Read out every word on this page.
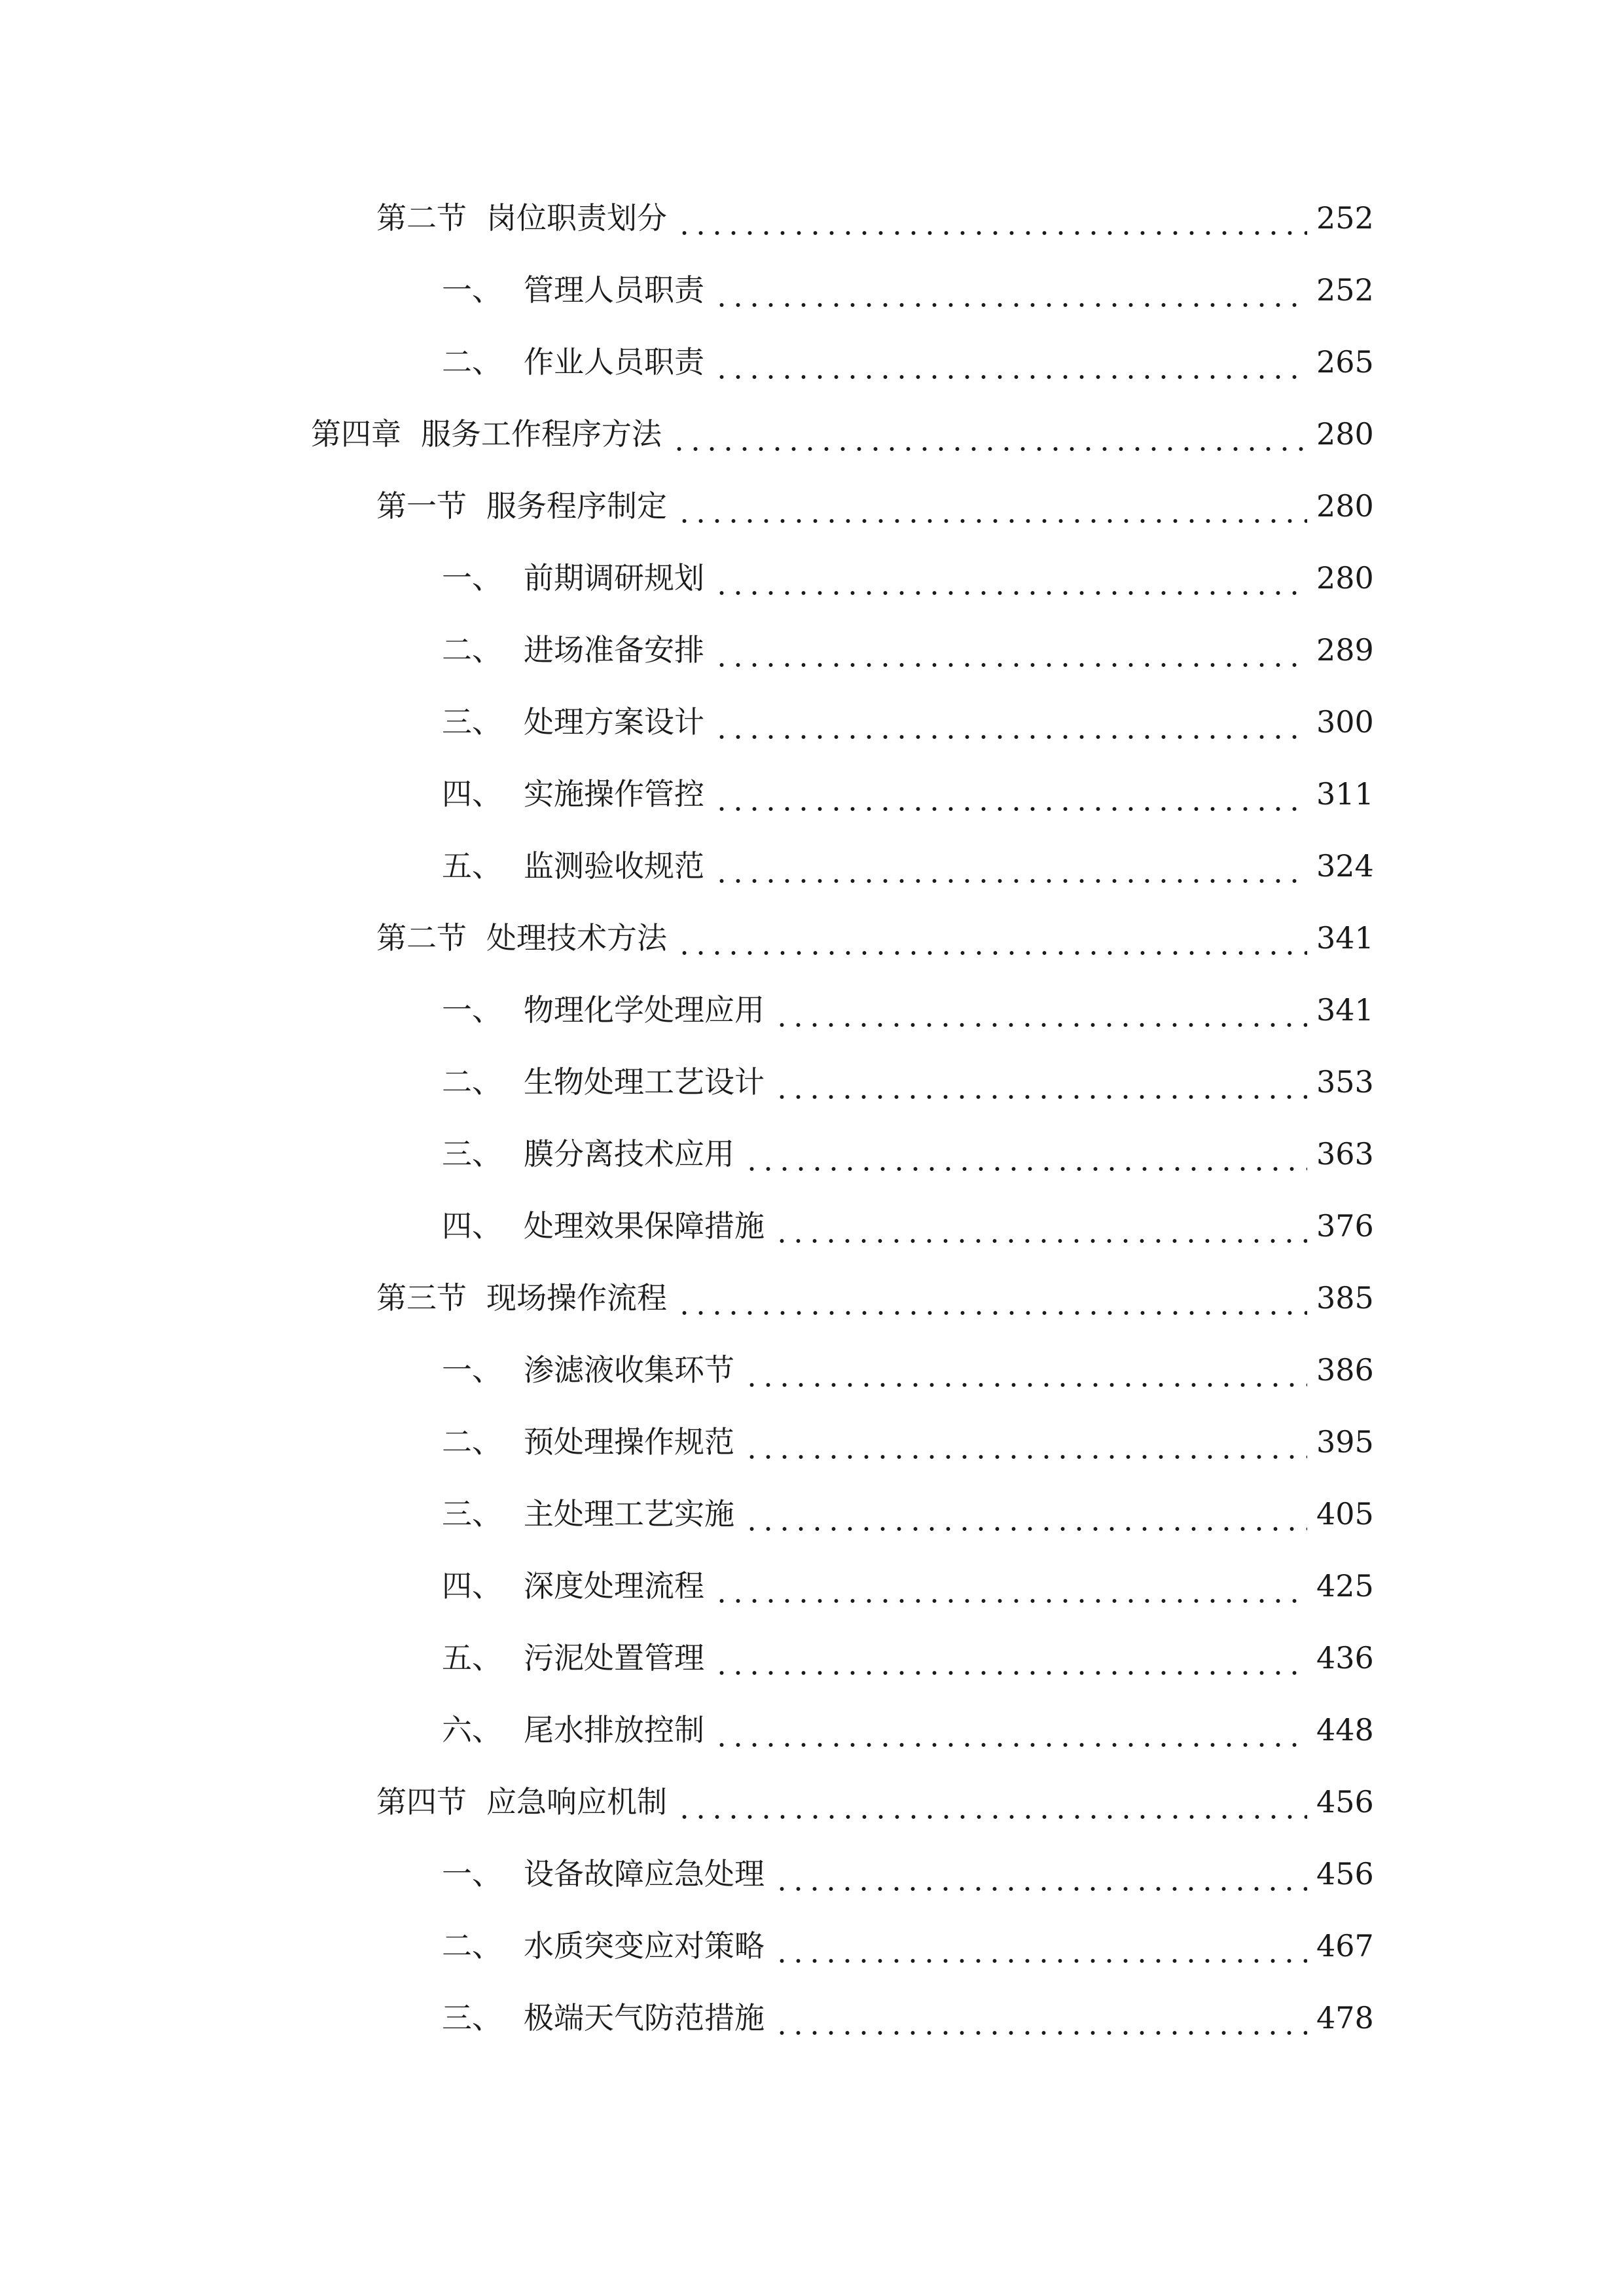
第二节 岗位职责划分	252
一、 管理人员职责	252
二、 作业人员职责	265
第四章 服务工作程序方法	280
第一节 服务程序制定	280
一、 前期调研规划	280
二、 进场准备安排	289
三、 处理方案设计	300
四、 实施操作管控	311
五、 监测验收规范	324
第二节 处理技术方法	341
一、 物理化学处理应用	341
二、 生物处理工艺设计	353
三、 膜分离技术应用	363
四、 处理效果保障措施	376
第三节 现场操作流程	385
一、 渗滤液收集环节	386
二、 预处理操作规范	395
三、 主处理工艺实施	405
四、 深度处理流程	425
五、 污泥处置管理	436
六、 尾水排放控制	448
第四节 应急响应机制	456
一、 设备故障应急处理	456
二、 水质突变应对策略	467
三、 极端天气防范措施	478
